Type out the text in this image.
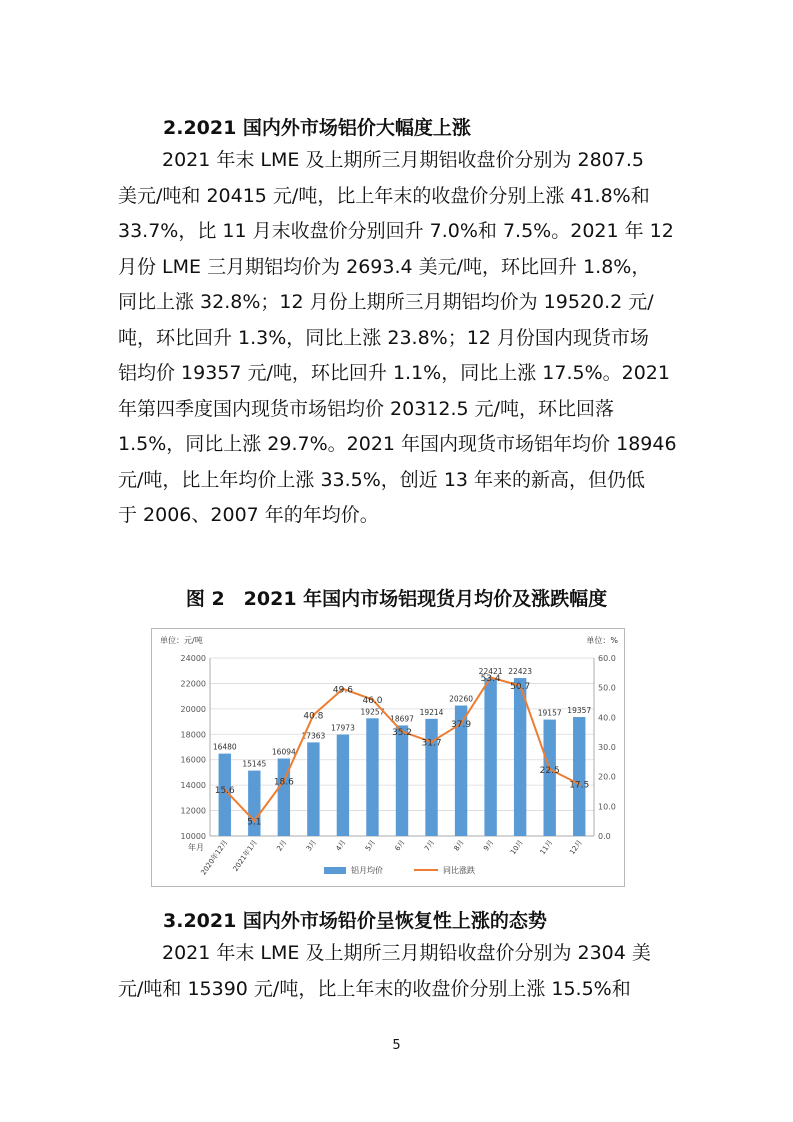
2.2021 国内外市场铝价大幅度上涨
2021 年末 LME 及上期所三月期铝收盘价分别为 2807.5
美元/吨和 20415 元/吨，比上年末的收盘价分别上涨 41.8%和
33.7%，比 11 月末收盘价分别回升 7.0%和 7.5%。2021 年 12
月份 LME 三月期铝均价为 2693.4 美元/吨，环比回升 1.8%，
同比上涨 32.8%；12 月份上期所三月期铝均价为 19520.2 元/
吨，环比回升 1.3%，同比上涨 23.8%；12 月份国内现货市场
铝均价 19357 元/吨，环比回升 1.1%，同比上涨 17.5%。2021
年第四季度国内现货市场铝均价 20312.5 元/吨，环比回落
1.5%，同比上涨 29.7%。2021 年国内现货市场铝年均价 18946
元/吨，比上年均价上涨 33.5%，创近 13 年来的新高，但仍低
于 2006、2007 年的年均价。
图 2　2021 年国内市场铝现货月均价及涨跌幅度
10000
12000
14000
16000
18000
20000
22000
24000
0.0
10.0
20.0
30.0
40.0
50.0
60.0
单位：元/吨	单位：%
年月
16480
15145
16094
17363
17973
19257
18697
19214
20260
22421 22423
19157 19357
15.6
5.1
18.6
40.8
49.6
46.0
35.2
31.7
37.9
53.4
50.7
22.5
17.5
2020年12月 2021年1月 2月 3月 4月 5月 6月 7月 8月 9月 10月 11月 12月
铝月均价	同比涨跌
3.2021 国内外市场铅价呈恢复性上涨的态势
2021 年末 LME 及上期所三月期铅收盘价分别为 2304 美
元/吨和 15390 元/吨，比上年末的收盘价分别上涨 15.5%和
5
